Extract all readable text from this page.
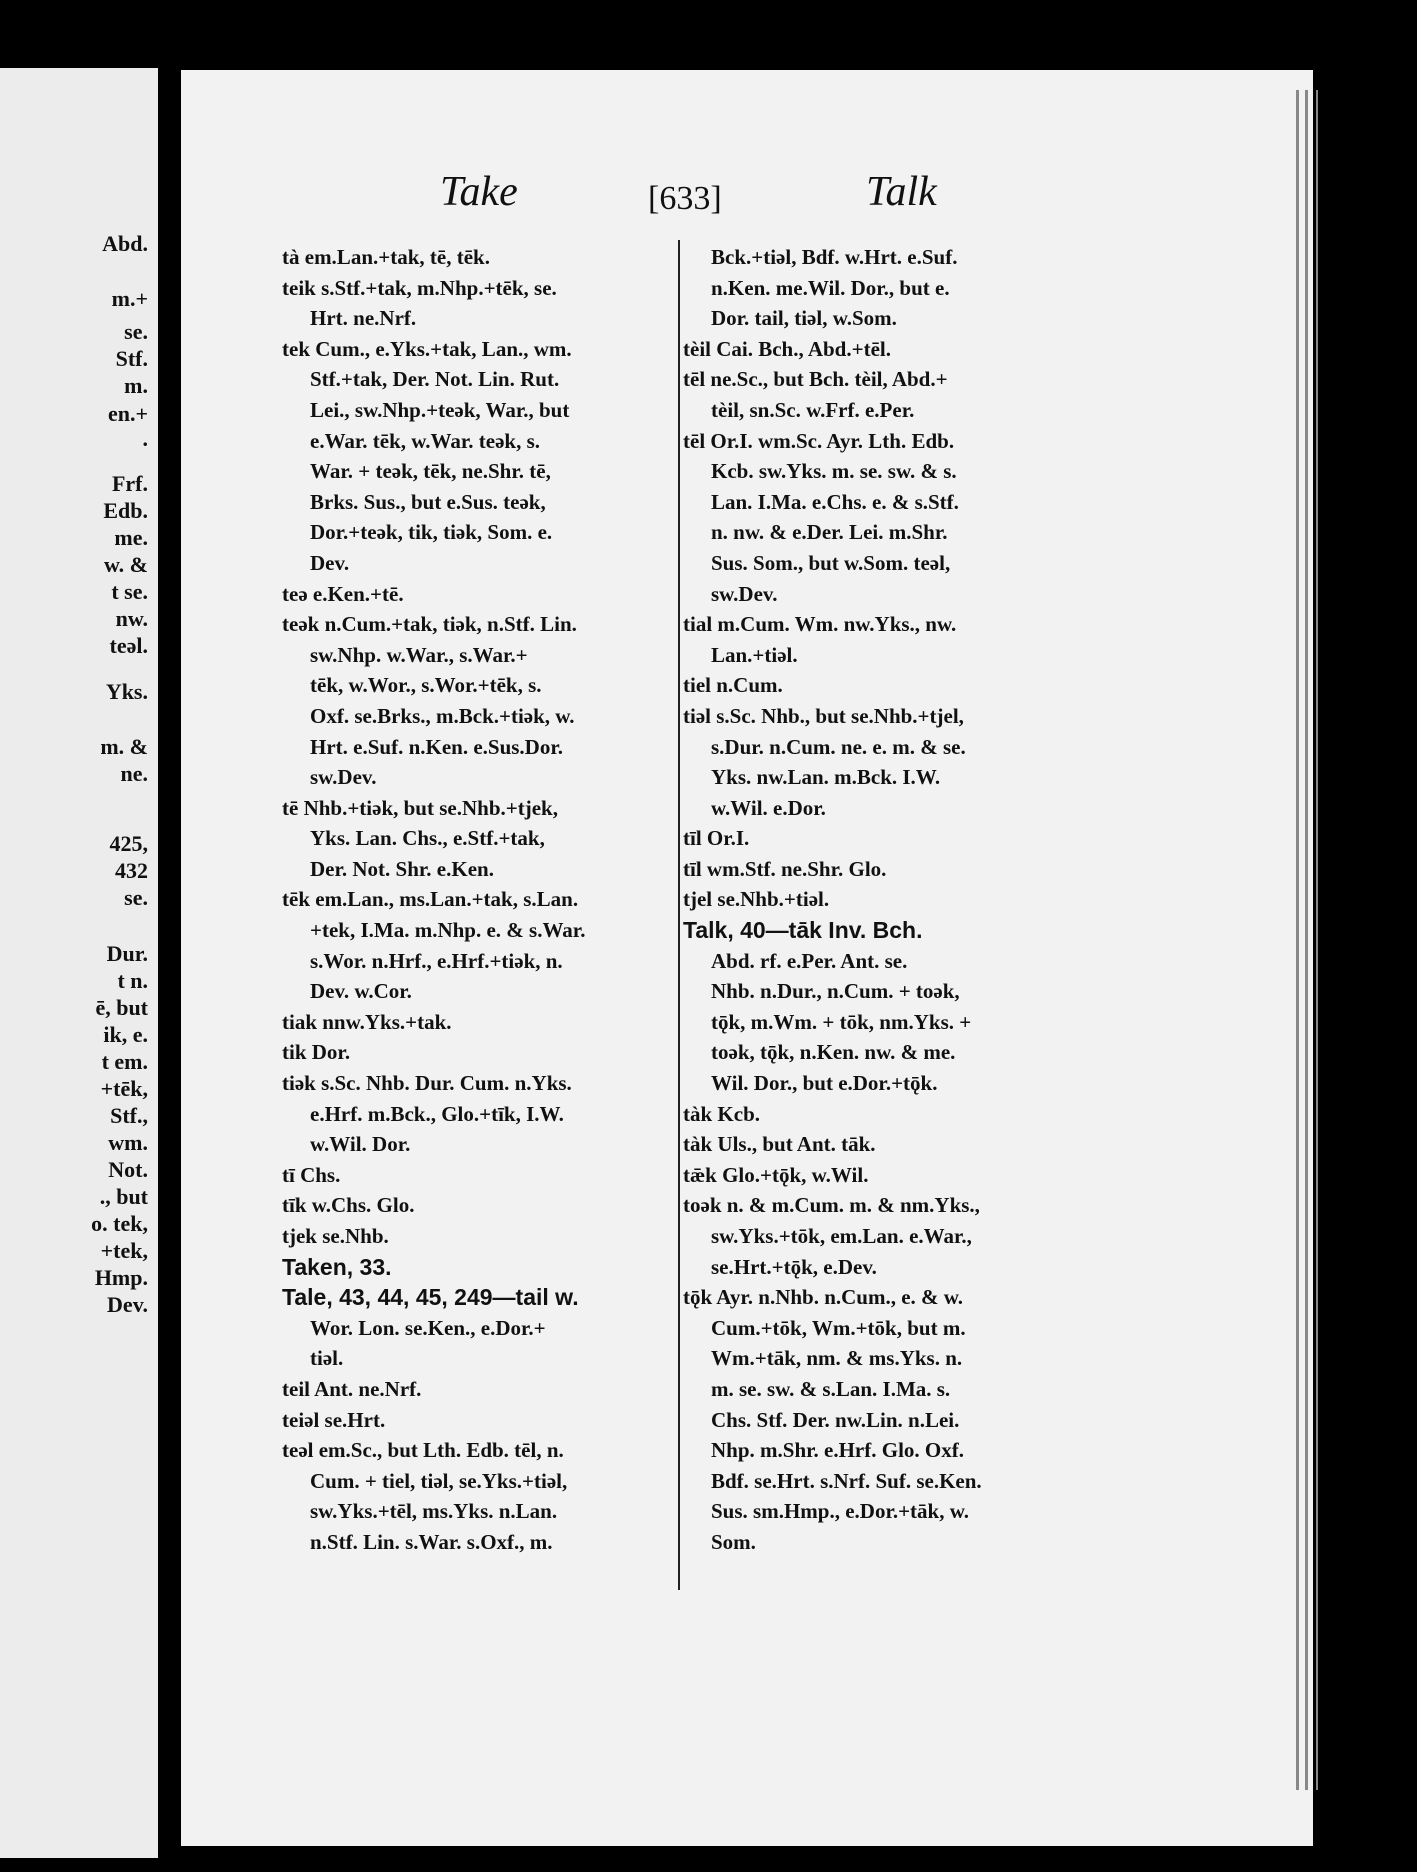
Take	[633]	Talk
Abd.
m.+
se.
Stf.
m.
en.+
.
Frf.
Edb.
me.
w. &
t se.
nw.
teəl.
Yks.
m. &
ne.
425,
432
se.
Dur.
t n.
ē, but
ik, e.
t em.
+tēk,
Stf.,
wm.
Not.
., but
o. tek,
+tek,
Hmp.
Dev.
tà em.Lan.+tak, tē, tēk.
teik s.Stf.+tak, m.Nhp.+tēk, se.
Hrt. ne.Nrf.
tek Cum., e.Yks.+tak, Lan., wm.
Stf.+tak, Der. Not. Lin. Rut.
Lei., sw.Nhp.+teək, War., but
e.War. tēk, w.War. teək, s.
War. + teək, tēk, ne.Shr. tē,
Brks. Sus., but e.Sus. teək,
Dor.+teək, tik, tiək, Som. e.
Dev.
teə e.Ken.+tē.
teək n.Cum.+tak, tiək, n.Stf. Lin.
sw.Nhp. w.War., s.War.+
tēk, w.Wor., s.Wor.+tēk, s.
Oxf. se.Brks., m.Bck.+tiək, w.
Hrt. e.Suf. n.Ken. e.Sus.Dor.
sw.Dev.
tē Nhb.+tiək, but se.Nhb.+tjek,
Yks. Lan. Chs., e.Stf.+tak,
Der. Not. Shr. e.Ken.
tēk em.Lan., ms.Lan.+tak, s.Lan.
+tek, I.Ma. m.Nhp. e. & s.War.
s.Wor. n.Hrf., e.Hrf.+tiək, n.
Dev. w.Cor.
tiak nnw.Yks.+tak.
tik Dor.
tiək s.Sc. Nhb. Dur. Cum. n.Yks.
e.Hrf. m.Bck., Glo.+tīk, I.W.
w.Wil. Dor.
tī Chs.
tīk w.Chs. Glo.
tjek se.Nhb.
Taken, 33.
Tale, 43, 44, 45, 249—tail w.
Wor. Lon. se.Ken., e.Dor.+
tiəl.
teil Ant. ne.Nrf.
teiəl se.Hrt.
teəl em.Sc., but Lth. Edb. tēl, n.
Cum. + tiel, tiəl, se.Yks.+tiəl,
sw.Yks.+tēl, ms.Yks. n.Lan.
n.Stf. Lin. s.War. s.Oxf., m.
Bck.+tiəl, Bdf. w.Hrt. e.Suf.
n.Ken. me.Wil. Dor., but e.
Dor. tail, tiəl, w.Som.
tèil Cai. Bch., Abd.+tēl.
tēl ne.Sc., but Bch. tèil, Abd.+
tèil, sn.Sc. w.Frf. e.Per.
tēl Or.I. wm.Sc. Ayr. Lth. Edb.
Kcb. sw.Yks. m. se. sw. & s.
Lan. I.Ma. e.Chs. e. & s.Stf.
n. nw. & e.Der. Lei. m.Shr.
Sus. Som., but w.Som. teəl,
sw.Dev.
tial m.Cum. Wm. nw.Yks., nw.
Lan.+tiəl.
tiel n.Cum.
tiəl s.Sc. Nhb., but se.Nhb.+tjel,
s.Dur. n.Cum. ne. e. m. & se.
Yks. nw.Lan. m.Bck. I.W.
w.Wil. e.Dor.
tīl Or.I.
tīl wm.Stf. ne.Shr. Glo.
tjel se.Nhb.+tiəl.
Talk, 40—tāk Inv. Bch.
Abd. rf. e.Per. Ant. se.
Nhb. n.Dur., n.Cum. + toək,
tǭk, m.Wm. + tōk, nm.Yks. +
toək, tǭk, n.Ken. nw. & me.
Wil. Dor., but e.Dor.+tǭk.
tàk Kcb.
tàk Uls., but Ant. tāk.
tǣk Glo.+tǭk, w.Wil.
toək n. & m.Cum. m. & nm.Yks.,
sw.Yks.+tōk, em.Lan. e.War.,
se.Hrt.+tǭk, e.Dev.
tǭk Ayr. n.Nhb. n.Cum., e. & w.
Cum.+tōk, Wm.+tōk, but m.
Wm.+tāk, nm. & ms.Yks. n.
m. se. sw. & s.Lan. I.Ma. s.
Chs. Stf. Der. nw.Lin. n.Lei.
Nhp. m.Shr. e.Hrf. Glo. Oxf.
Bdf. se.Hrt. s.Nrf. Suf. se.Ken.
Sus. sm.Hmp., e.Dor.+tāk, w.
Som.
